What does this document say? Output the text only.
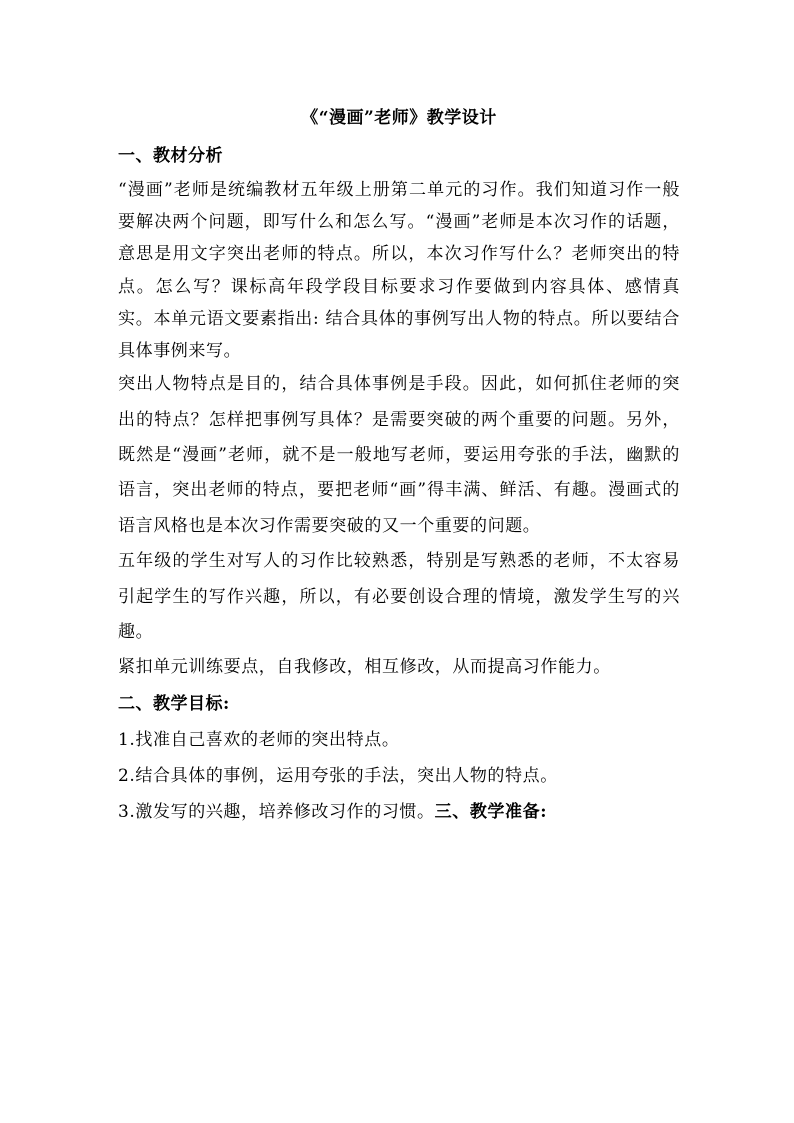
《“漫画”老师》教学设计

一、教材分析

“漫画”老师是统编教材五年级上册第二单元的习作。我们知道习作一般要解决两个问题，即写什么和怎么写。“漫画”老师是本次习作的话题，意思是用文字突出老师的特点。所以，本次习作写什么？老师突出的特点。怎么写？课标高年段学段目标要求习作要做到内容具体、感情真实。本单元语文要素指出: 结合具体的事例写出人物的特点。所以要结合具体事例来写。

突出人物特点是目的，结合具体事例是手段。因此，如何抓住老师的突出的特点？怎样把事例写具体？是需要突破的两个重要的问题。另外，既然是“漫画”老师，就不是一般地写老师，要运用夸张的手法，幽默的语言，突出老师的特点，要把老师“画”得丰满、鲜活、有趣。漫画式的语言风格也是本次习作需要突破的又一个重要的问题。

五年级的学生对写人的习作比较熟悉，特别是写熟悉的老师，不太容易引起学生的写作兴趣，所以，有必要创设合理的情境，激发学生写的兴趣。

紧扣单元训练要点，自我修改，相互修改，从而提高习作能力。

二、教学目标:

1.找准自己喜欢的老师的突出特点。

2.结合具体的事例，运用夸张的手法，突出人物的特点。

3.激发写的兴趣，培养修改习作的习惯。三、教学准备:
